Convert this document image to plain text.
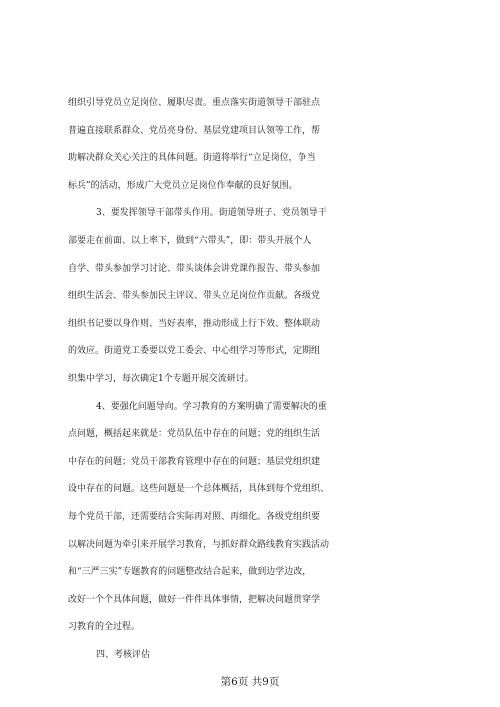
组织引导党员立足岗位、履职尽责。重点落实街道领导干部驻点
普遍直接联系群众、党员亮身份、基层党建项目认领等工作，帮
助解决群众关心关注的具体问题。街道将举行“立足岗位，争当
标兵”的活动，形成广大党员立足岗位作奉献的良好氛围。
3、要发挥领导干部带头作用。街道领导班子、党员领导干
部要走在前面、以上率下，做到“六带头”，即：带头开展个人
自学、带头参加学习讨论、带头谈体会讲党课作报告、带头参加
组织生活会、带头参加民主评议、带头立足岗位作贡献。各级党
组织书记要以身作则、当好表率，推动形成上行下效、整体联动
的效应。街道党工委要以党工委会、中心组学习等形式，定期组
织集中学习，每次确定1个专题开展交流研讨。
4、要强化问题导向。学习教育的方案明确了需要解决的重
点问题，概括起来就是：党员队伍中存在的问题；党的组织生活
中存在的问题；党员干部教育管理中存在的问题；基层党组织建
设中存在的问题。这些问题是一个总体概括，具体到每个党组织、
每个党员干部，还需要结合实际再对照、再细化。各级党组织要
以解决问题为牵引来开展学习教育，与抓好群众路线教育实践活动
和“三严三实”专题教育的问题整改结合起来，做到边学边改，
改好一个个具体问题，做好一件件具体事情，把解决问题贯穿学
习教育的全过程。
四、考核评估
第6页 共9页
